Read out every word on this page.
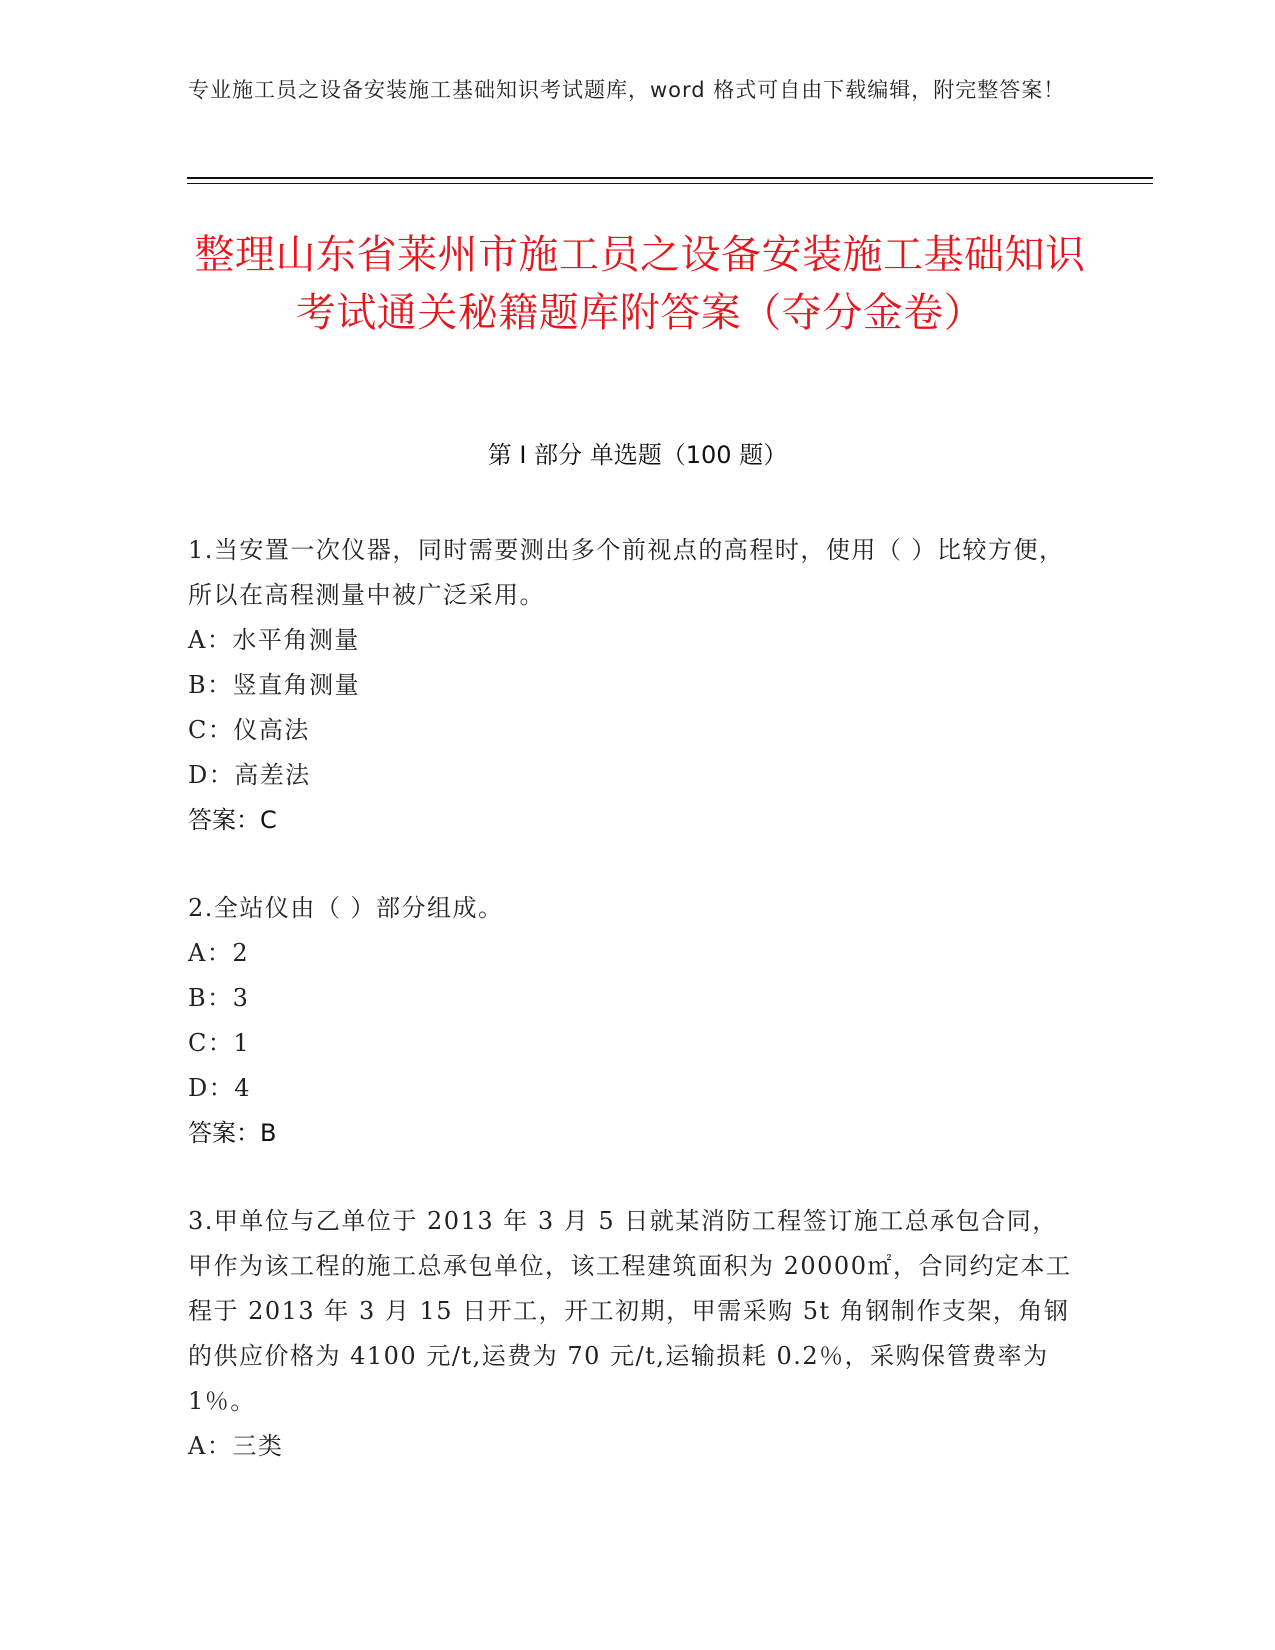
专业施工员之设备安装施工基础知识考试题库，word 格式可自由下载编辑，附完整答案！
整理山东省莱州市施工员之设备安装施工基础知识考试通关秘籍题库附答案（夺分金卷）
第 I 部分 单选题（100 题）
1.当安置一次仪器，同时需要测出多个前视点的高程时，使用（ ）比较方便，所以在高程测量中被广泛采用。
A：水平角测量
B：竖直角测量
C：仪高法
D：高差法
答案：C
2.全站仪由（ ）部分组成。
A：2
B：3
C：1
D：4
答案：B
3.甲单位与乙单位于 2013 年 3 月 5 日就某消防工程签订施工总承包合同，甲作为该工程的施工总承包单位，该工程建筑面积为 20000㎡，合同约定本工程于 2013 年 3 月 15 日开工，开工初期，甲需采购 5t 角钢制作支架，角钢的供应价格为 4100 元/t,运费为 70 元/t,运输损耗 0.2％，采购保管费率为 1％。
A：三类
